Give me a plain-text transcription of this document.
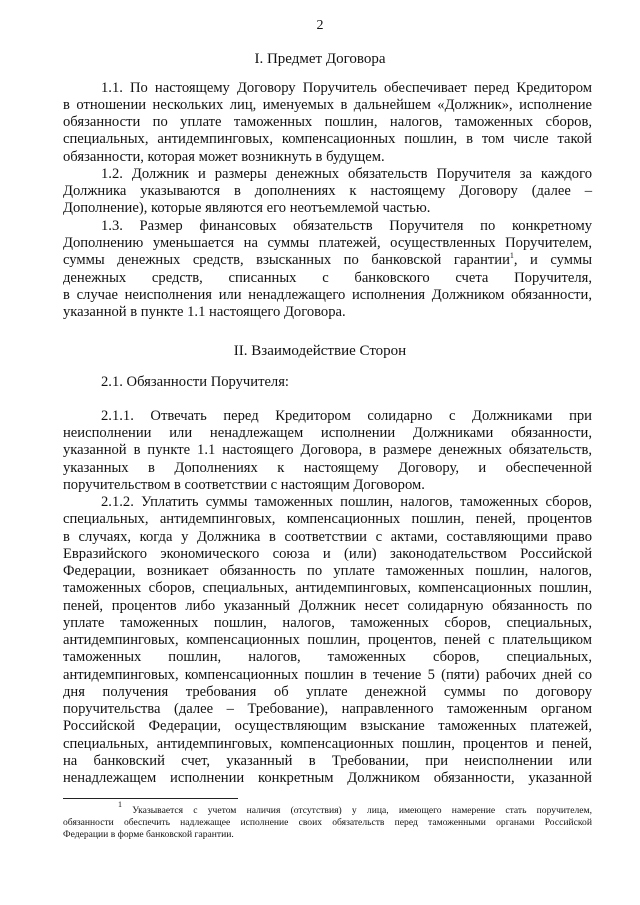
2
I. Предмет Договора
1.1. По настоящему Договору Поручитель обеспечивает перед Кредитором
в отношении нескольких лиц, именуемых в дальнейшем «Должник», исполнение
обязанности по уплате таможенных пошлин, налогов, таможенных сборов,
специальных, антидемпинговых, компенсационных пошлин, в том числе такой
обязанности, которая может возникнуть в будущем.
1.2. Должник и размеры денежных обязательств Поручителя за каждого
Должника указываются в дополнениях к настоящему Договору (далее –
Дополнение), которые являются его неотъемлемой частью.
1.3. Размер финансовых обязательств Поручителя по конкретному
Дополнению уменьшается на суммы платежей, осуществленных Поручителем,
суммы денежных средств, взысканных по банковской гарантии$^1$, и суммы
денежных средств, списанных с банковского счета Поручителя,
в случае неисполнения или ненадлежащего исполнения Должником обязанности,
указанной в пункте 1.1 настоящего Договора.
II. Взаимодействие Сторон
2.1. Обязанности Поручителя:
2.1.1. Отвечать перед Кредитором солидарно с Должниками при
неисполнении или ненадлежащем исполнении Должниками обязанности,
указанной в пункте 1.1 настоящего Договора, в размере денежных обязательств,
указанных в Дополнениях к настоящему Договору, и обеспеченной
поручительством в соответствии с настоящим Договором.
2.1.2. Уплатить суммы таможенных пошлин, налогов, таможенных сборов,
специальных, антидемпинговых, компенсационных пошлин, пеней, процентов
в случаях, когда у Должника в соответствии с актами, составляющими право
Евразийского экономического союза и (или) законодательством Российской
Федерации, возникает обязанность по уплате таможенных пошлин, налогов,
таможенных сборов, специальных, антидемпинговых, компенсационных пошлин,
пеней, процентов либо указанный Должник несет солидарную обязанность по
уплате таможенных пошлин, налогов, таможенных сборов, специальных,
антидемпинговых, компенсационных пошлин, процентов, пеней с плательщиком
таможенных пошлин, налогов, таможенных сборов, специальных,
антидемпинговых, компенсационных пошлин в течение 5 (пяти) рабочих дней со
дня получения требования об уплате денежной суммы по договору
поручительства (далее – Требование), направленного таможенным органом
Российской Федерации, осуществляющим взыскание таможенных платежей,
специальных, антидемпинговых, компенсационных пошлин, процентов и пеней,
на банковский счет, указанный в Требовании, при неисполнении или
ненадлежащем исполнении конкретным Должником обязанности, указанной
$^1$ Указывается с учетом наличия (отсутствия) у лица, имеющего намерение стать поручителем,
обязанности обеспечить надлежащее исполнение своих обязательств перед таможенными органами Российской
Федерации в форме банковской гарантии.
